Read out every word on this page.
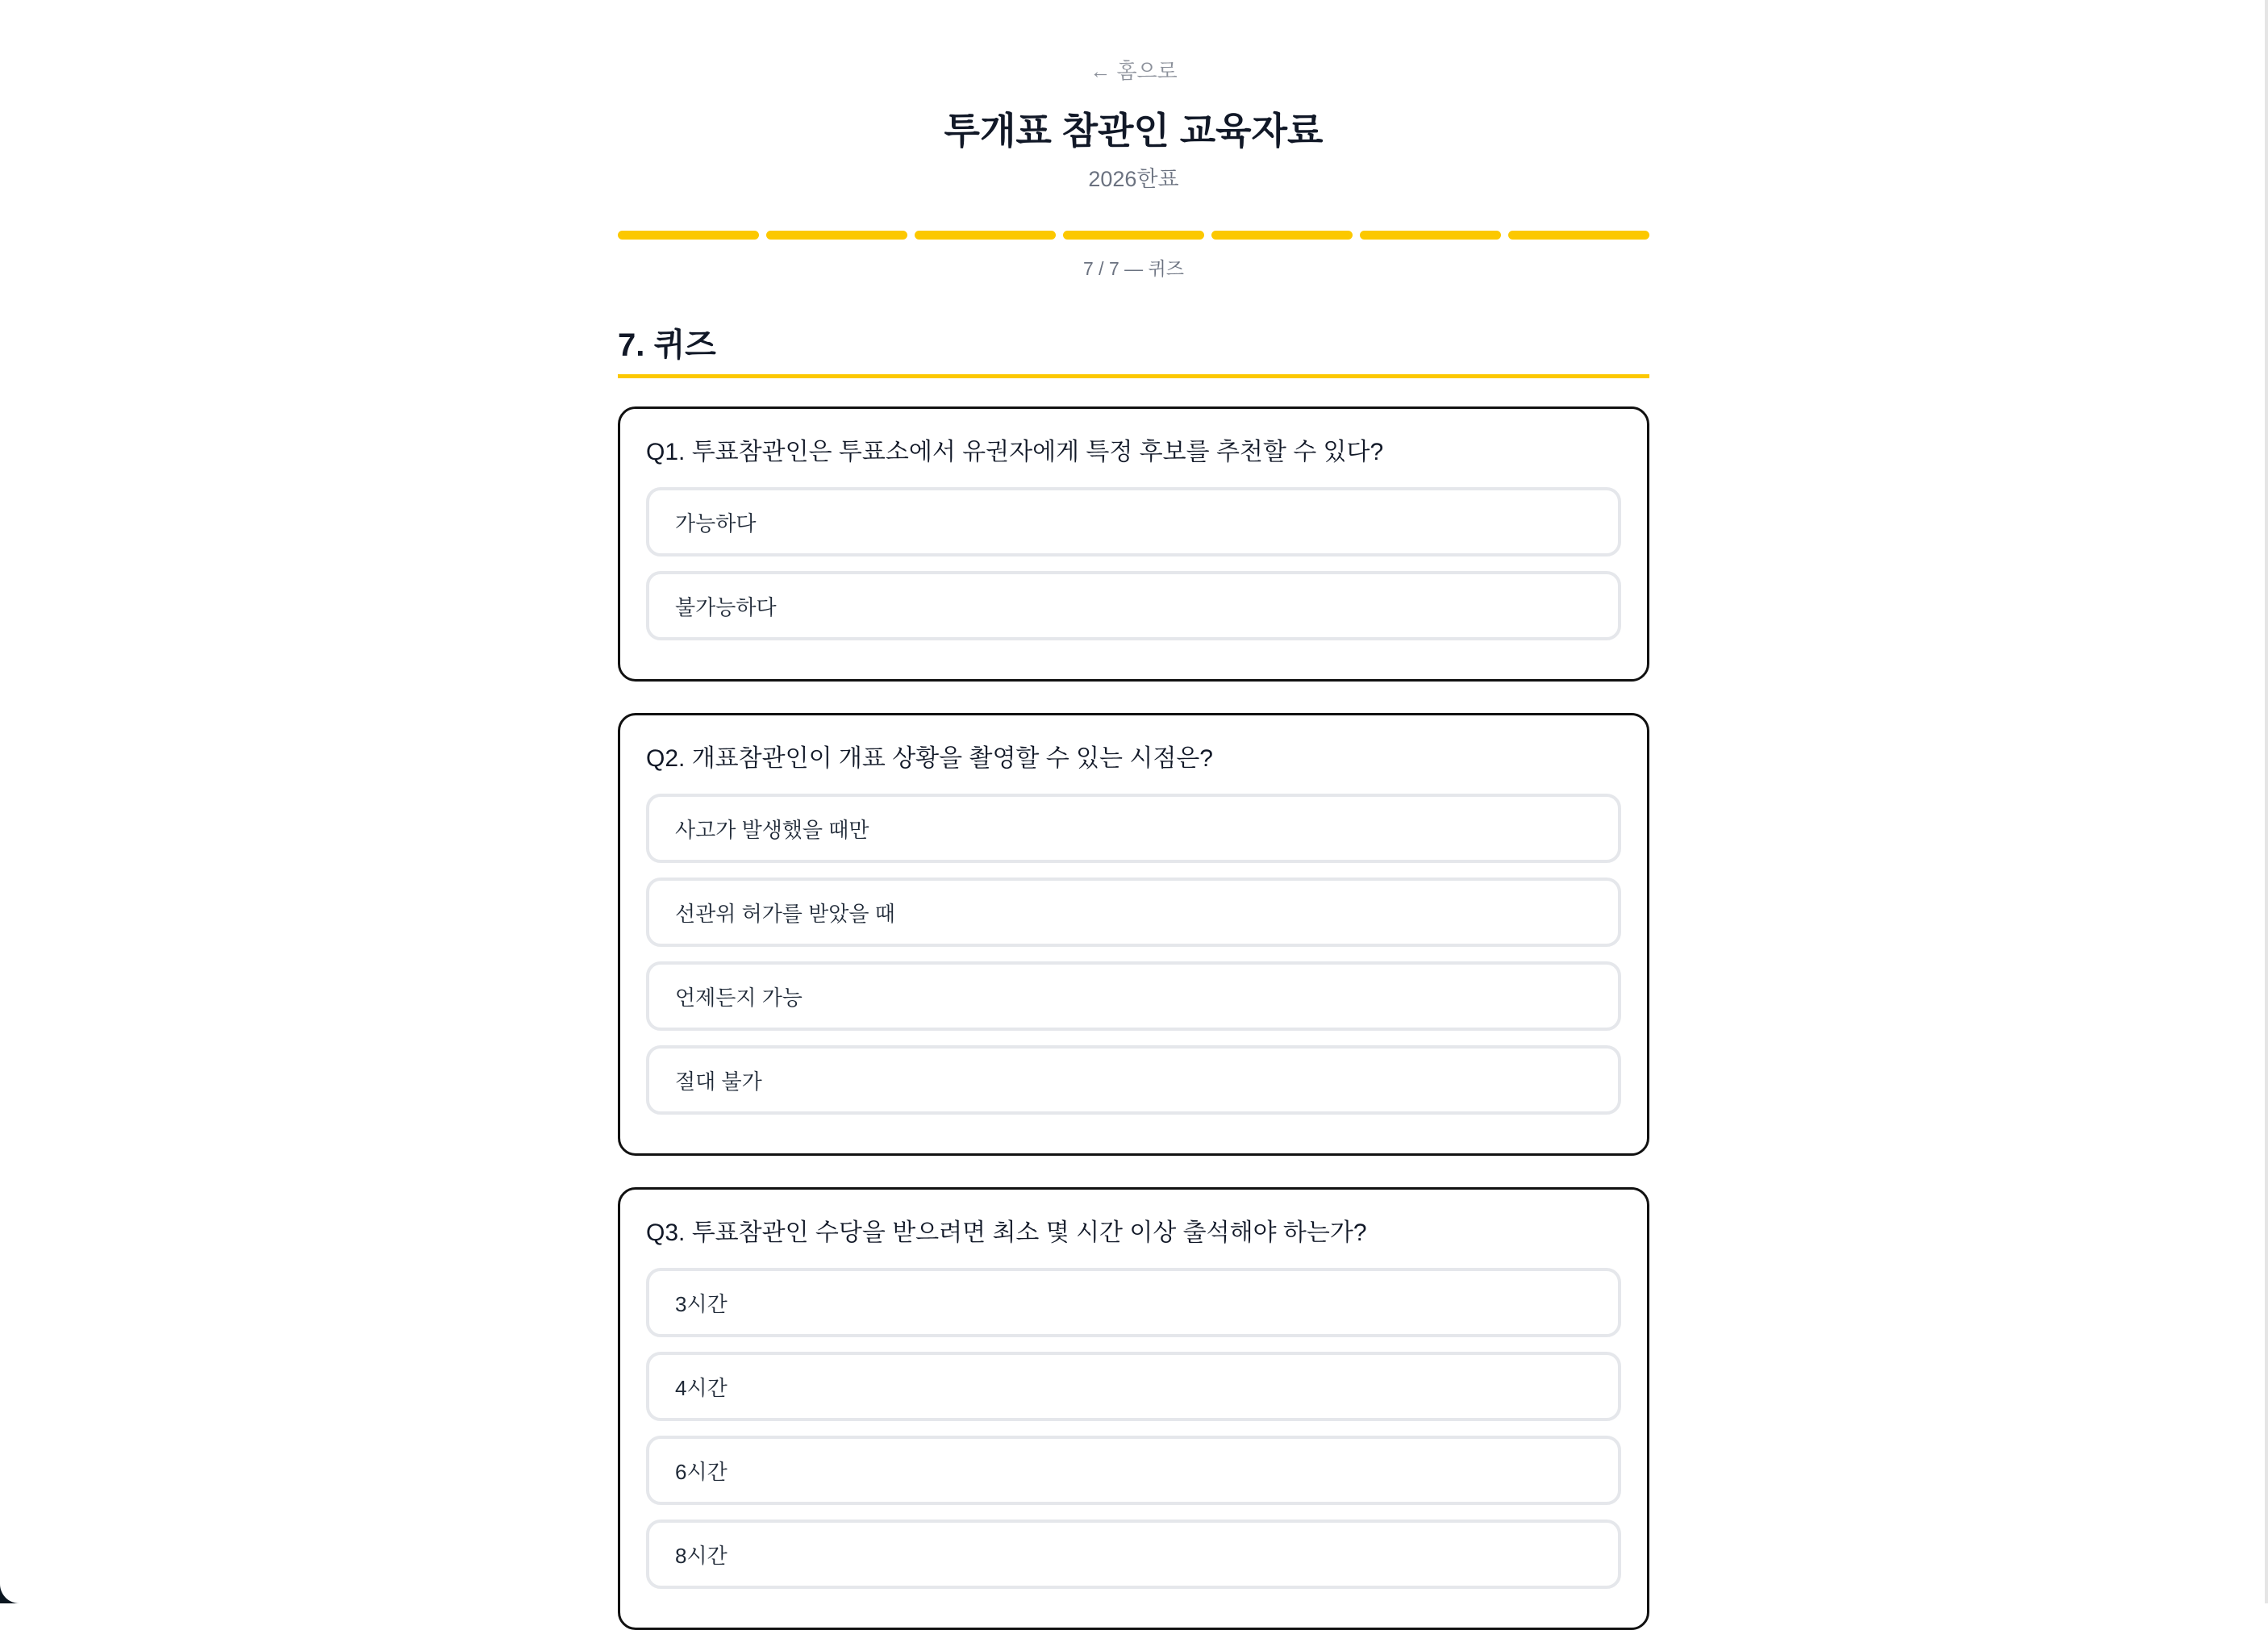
← 홈으로
투개표 참관인 교육자료
2026한표
7 / 7 — 퀴즈
7. 퀴즈

Q1. 투표참관인은 투표소에서 유권자에게 특정 후보를 추천할 수 있다?

가능하다
불가능하다

Q2. 개표참관인이 개표 상황을 촬영할 수 있는 시점은?

사고가 발생했을 때만
선관위 허가를 받았을 때
언제든지 가능
절대 불가

Q3. 투표참관인 수당을 받으려면 최소 몇 시간 이상 출석해야 하는가?

3시간
4시간
6시간
8시간
